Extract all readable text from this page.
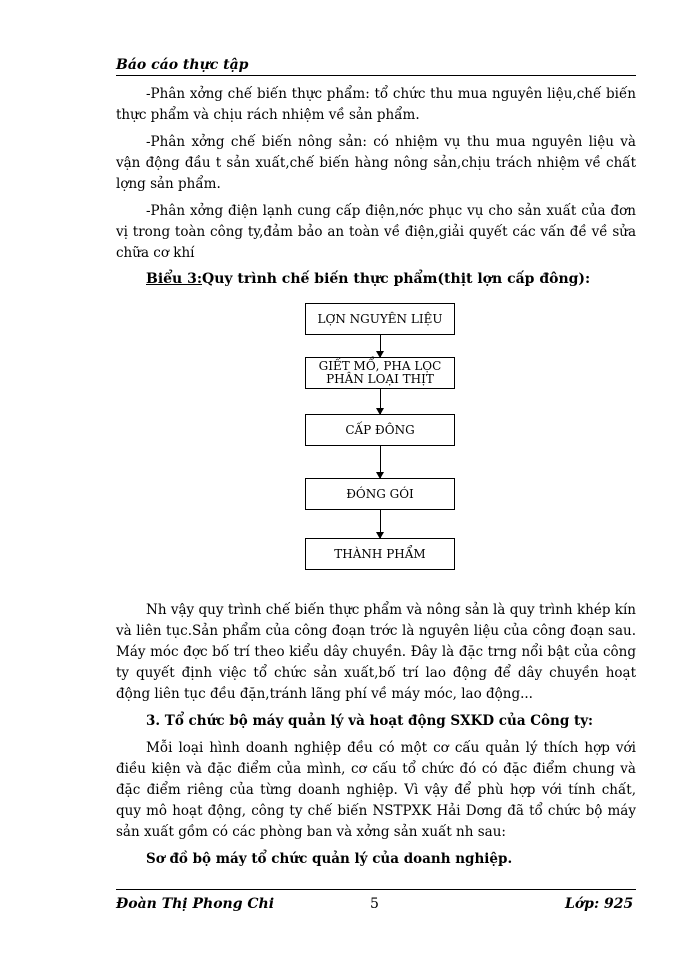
Báo cáo thực tập

-Phân xởng chế biến thực phẩm: tổ chức thu mua nguyên liệu,chế biến thực phẩm và chịu rách nhiệm về sản phẩm.

-Phân xởng chế biến nông sản: có nhiệm vụ thu mua nguyên liệu và vận động đầu t sản xuất,chế biến hàng nông sản,chịu trách nhiệm về chất lợng sản phẩm.

-Phân xởng điện lạnh cung cấp điện,nớc phục vụ cho sản xuất của đơn vị trong toàn công ty,đảm bảo an toàn về điện,giải quyết các vấn đề về sửa chữa cơ khí

Biểu 3:Quy trình chế biến thực phẩm(thịt lợn cấp đông):
LỢN NGUYÊN LIỆU
GIẾT MỔ, PHA LỌC PHÂN LOẠI THỊT
CẤP ĐÔNG
ĐÓNG GÓI
THÀNH PHẨM

Nh vậy quy trình chế biến thực phẩm và nông sản là quy trình khép kín và liên tục.Sản phẩm của công đoạn trớc là nguyên liệu của công đoạn sau. Máy móc đợc bố trí theo kiểu dây chuyền. Đây là đặc trng nổi bật của công ty quyết định việc tổ chức sản xuất,bố trí lao động để dây chuyền hoạt động liên tục đều đặn,tránh lãng phí về máy móc, lao động...

3. Tổ chức bộ máy quản lý và hoạt động SXKD của Công ty:

Mỗi loại hình doanh nghiệp đều có một cơ cấu quản lý thích hợp với điều kiện và đặc điểm của mình, cơ cấu tổ chức đó có đặc điểm chung và đặc điểm riêng của từng doanh nghiệp. Vì vậy để phù hợp với tính chất, quy mô hoạt động, công ty chế biến NSTPXK Hải Dơng đã tổ chức bộ máy sản xuất gồm có các phòng ban và xởng sản xuất nh sau:

Sơ đồ bộ máy tổ chức quản lý của doanh nghiệp.

Đoàn Thị Phong Chi	5	Lớp: 925
